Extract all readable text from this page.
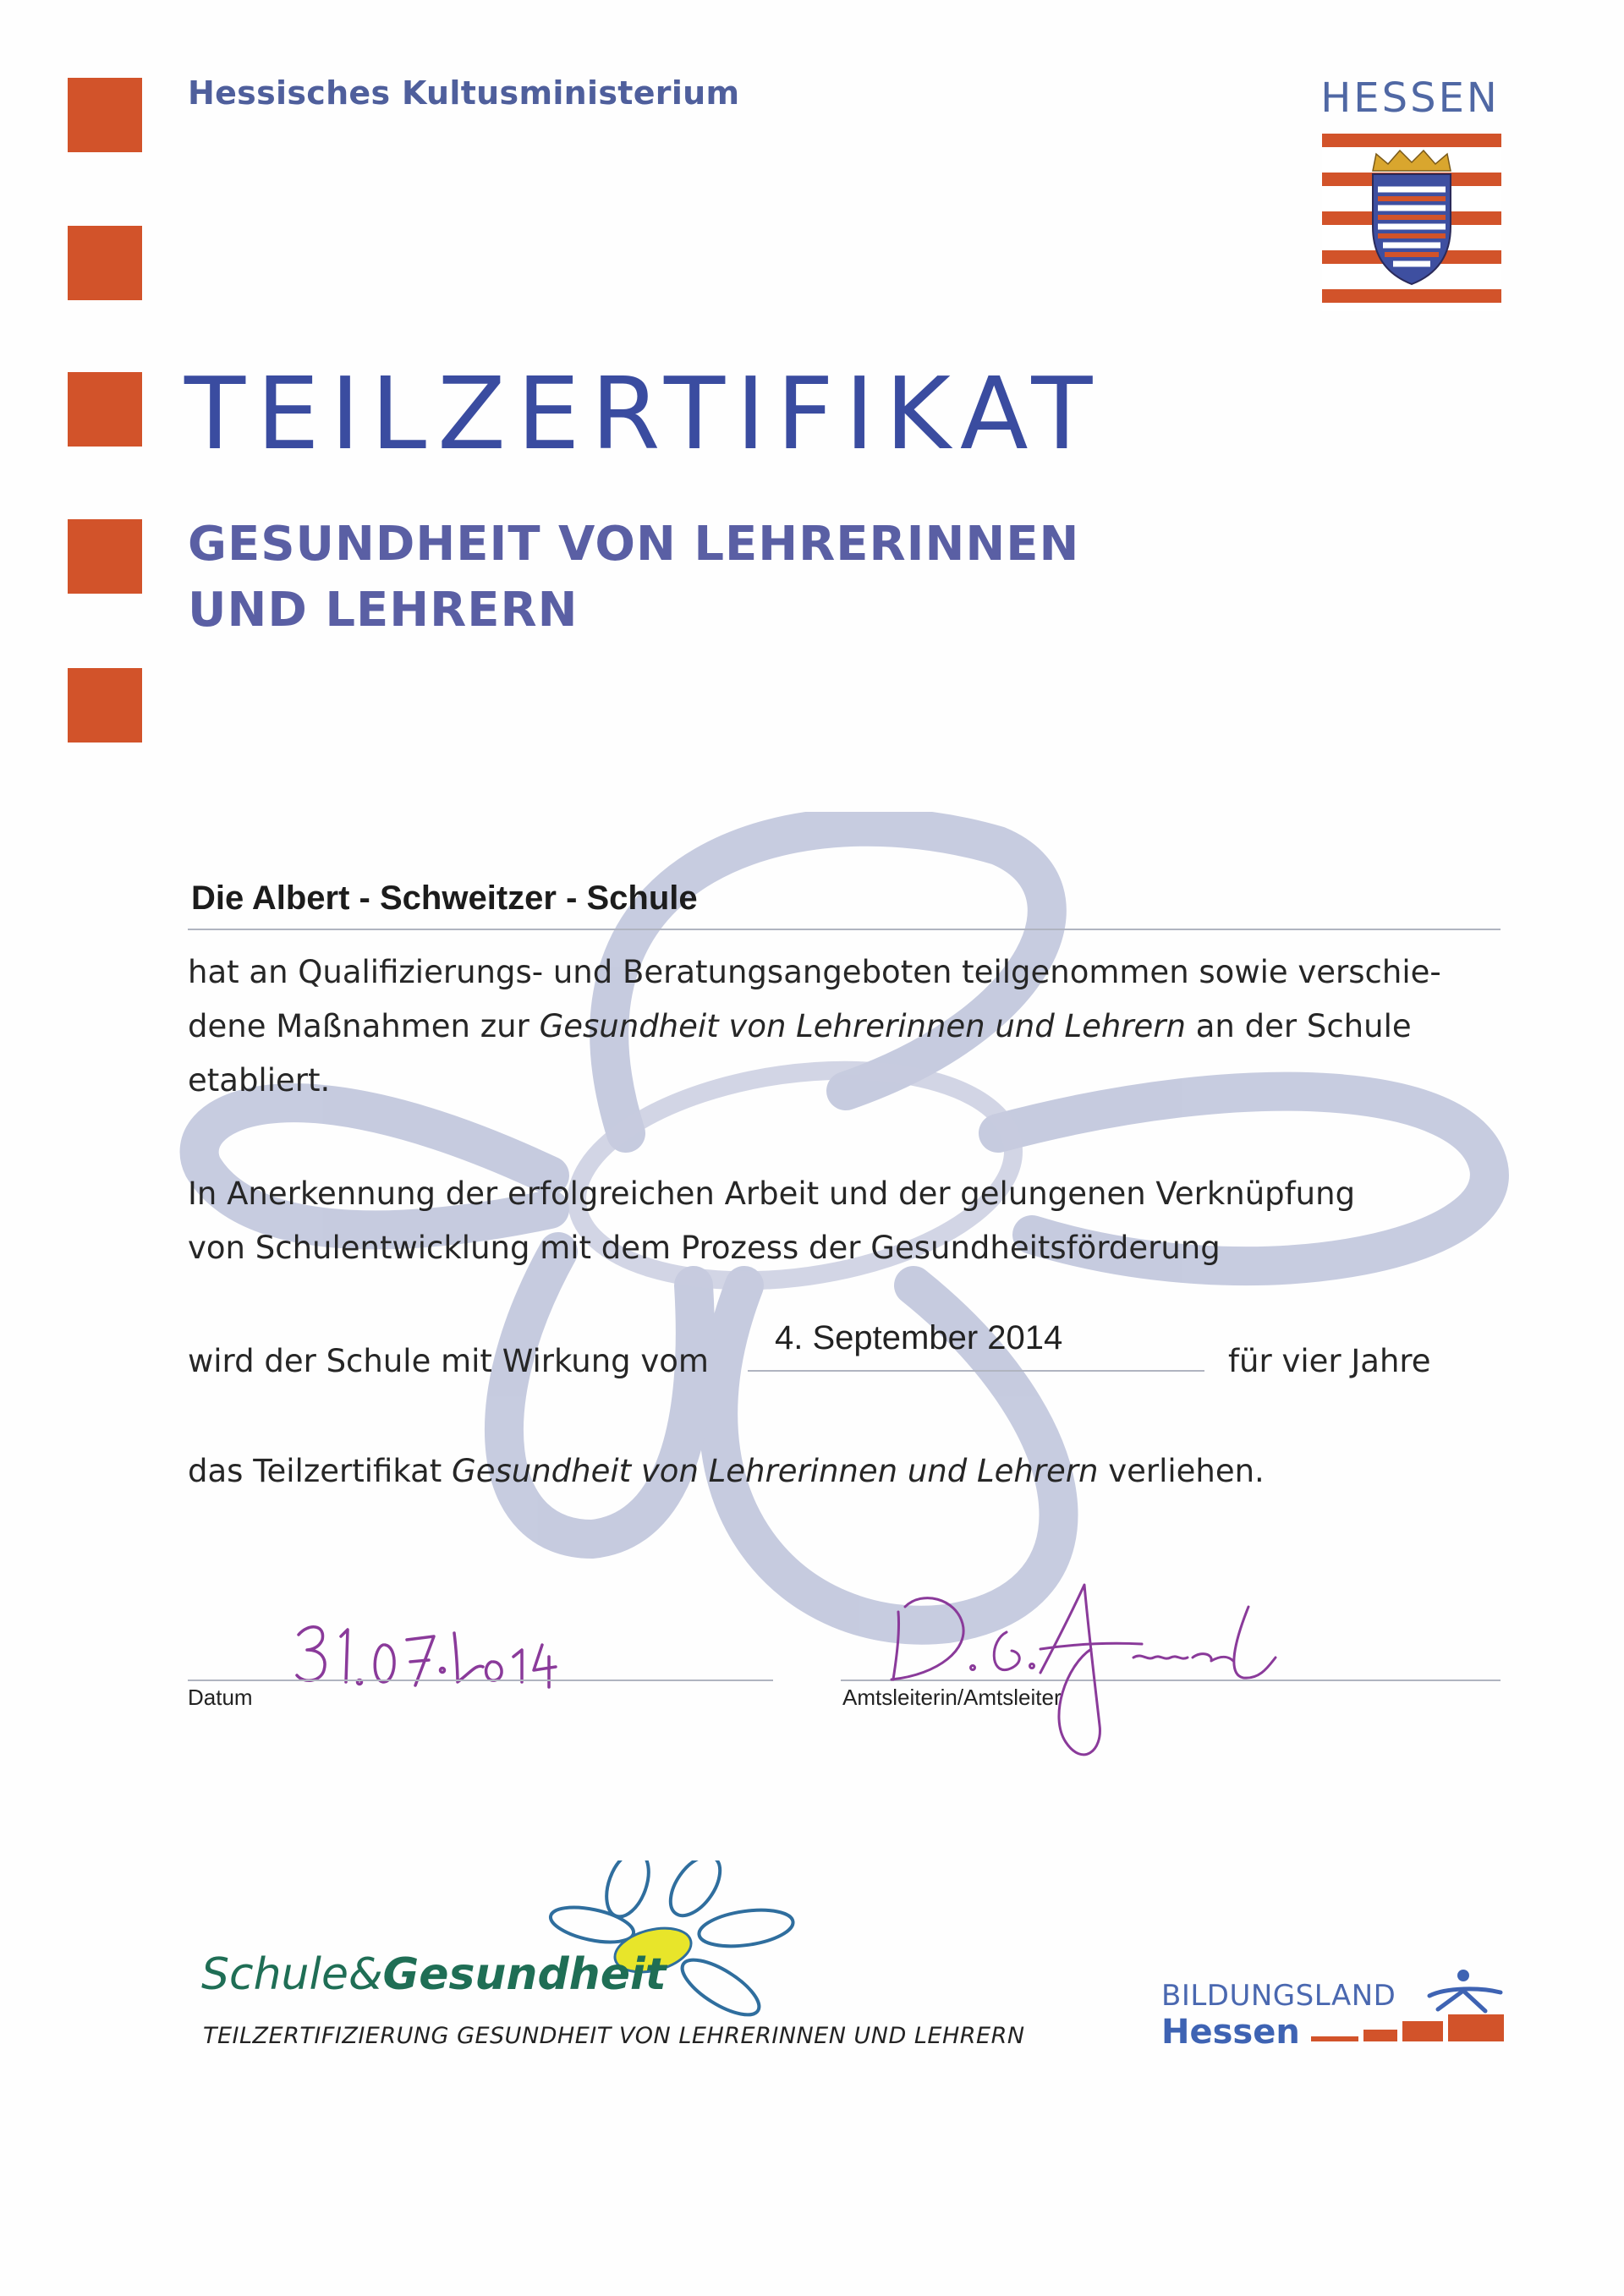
Hessisches Kultusministerium	HESSEN
TEILZERTIFIKAT
GESUNDHEIT VON LEHRERINNEN
UND LEHRERN
Die Albert - Schweitzer - Schule
hat an Qualifizierungs- und Beratungsangeboten teilgenommen sowie verschie-
dene Maßnahmen zur Gesundheit von Lehrerinnen und Lehrern an der Schule
etabliert.
In Anerkennung der erfolgreichen Arbeit und der gelungenen Verknüpfung
von Schulentwicklung mit dem Prozess der Gesundheitsförderung
wird der Schule mit Wirkung vom
4. September 2014
für vier Jahre
das Teilzertifikat Gesundheit von Lehrerinnen und Lehrern verliehen.
Datum	Amtsleiterin/Amtsleiter
Schule&Gesundheit
TEILZERTIFIZIERUNG GESUNDHEIT VON LEHRERINNEN UND LEHRERN
BILDUNGSLAND
Hessen
